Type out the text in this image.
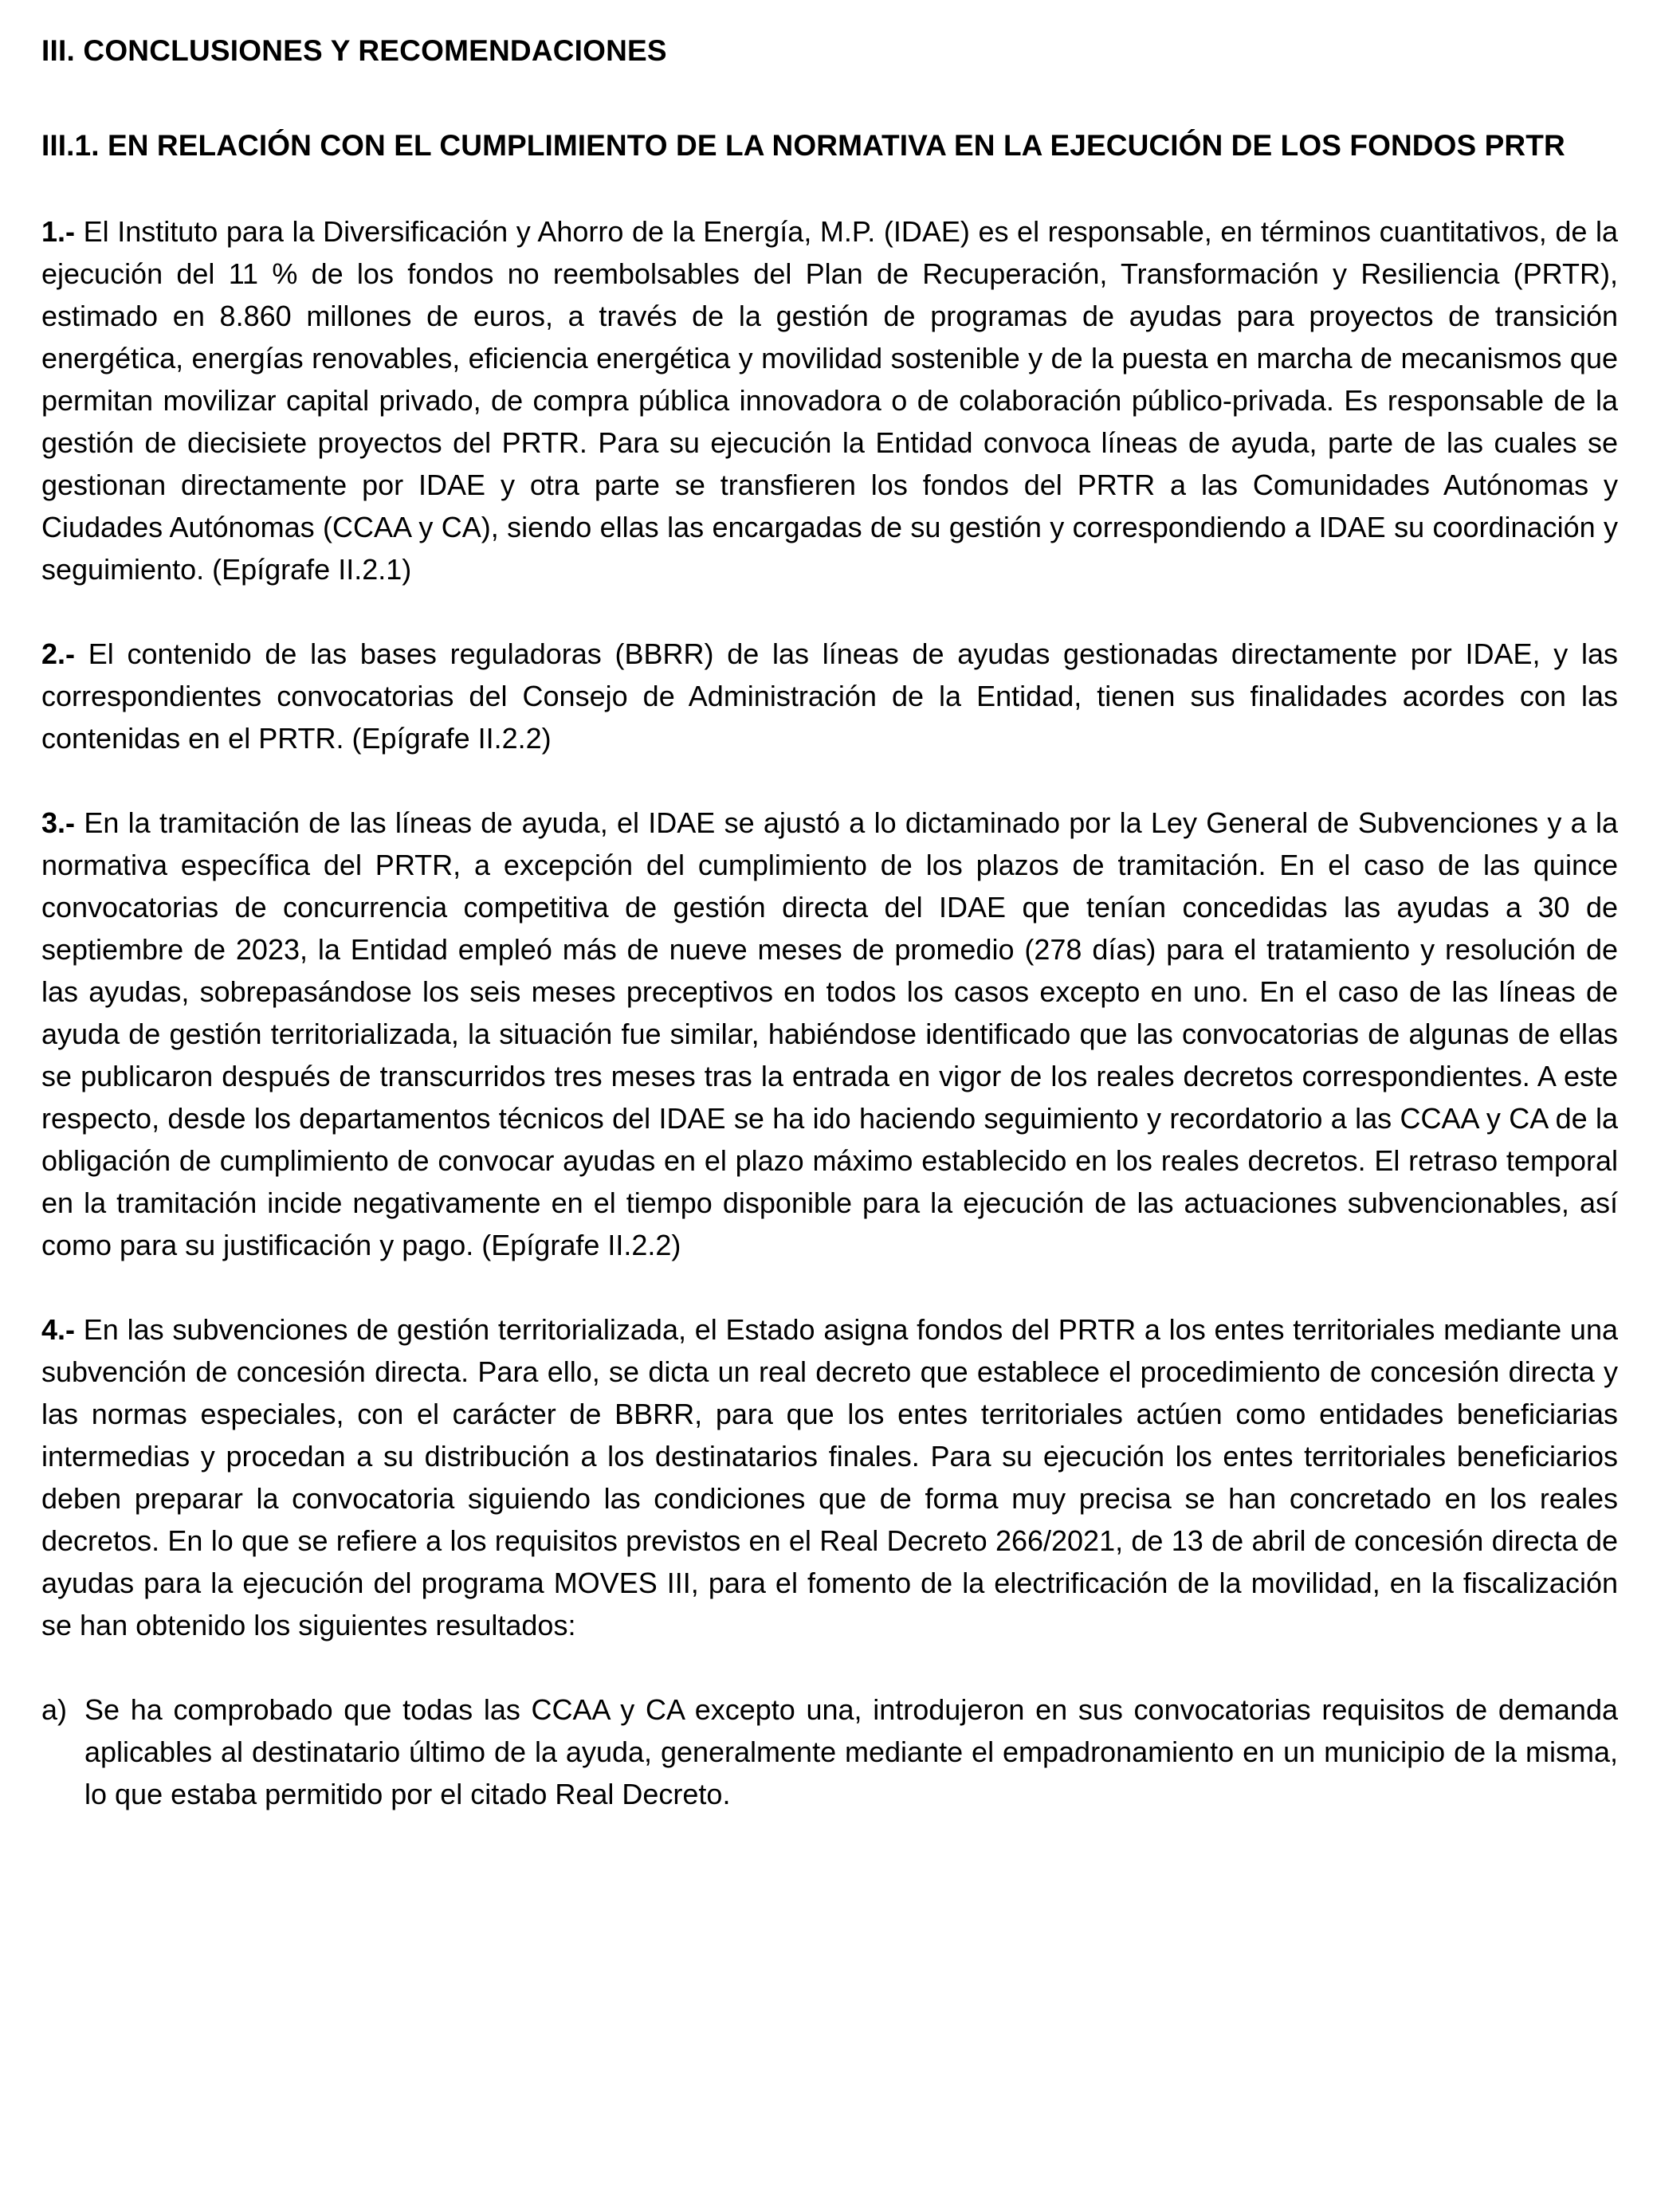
III. CONCLUSIONES Y RECOMENDACIONES
III.1. EN RELACIÓN CON EL CUMPLIMIENTO DE LA NORMATIVA EN LA EJECUCIÓN DE LOS FONDOS PRTR

1.- El Instituto para la Diversificación y Ahorro de la Energía, M.P. (IDAE) es el responsable, en términos cuantitativos, de la ejecución del 11 % de los fondos no reembolsables del Plan de Recuperación, Transformación y Resiliencia (PRTR), estimado en 8.860 millones de euros, a través de la gestión de programas de ayudas para proyectos de transición energética, energías renovables, eficiencia energética y movilidad sostenible y de la puesta en marcha de mecanismos que permitan movilizar capital privado, de compra pública innovadora o de colaboración público-privada. Es responsable de la gestión de diecisiete proyectos del PRTR. Para su ejecución la Entidad convoca líneas de ayuda, parte de las cuales se gestionan directamente por IDAE y otra parte se transfieren los fondos del PRTR a las Comunidades Autónomas y Ciudades Autónomas (CCAA y CA), siendo ellas las encargadas de su gestión y correspondiendo a IDAE su coordinación y seguimiento. (Epígrafe II.2.1)

2.- El contenido de las bases reguladoras (BBRR) de las líneas de ayudas gestionadas directamente por IDAE, y las correspondientes convocatorias del Consejo de Administración de la Entidad, tienen sus finalidades acordes con las contenidas en el PRTR. (Epígrafe II.2.2)

3.- En la tramitación de las líneas de ayuda, el IDAE se ajustó a lo dictaminado por la Ley General de Subvenciones y a la normativa específica del PRTR, a excepción del cumplimiento de los plazos de tramitación. En el caso de las quince convocatorias de concurrencia competitiva de gestión directa del IDAE que tenían concedidas las ayudas a 30 de septiembre de 2023, la Entidad empleó más de nueve meses de promedio (278 días) para el tratamiento y resolución de las ayudas, sobrepasándose los seis meses preceptivos en todos los casos excepto en uno. En el caso de las líneas de ayuda de gestión territorializada, la situación fue similar, habiéndose identificado que las convocatorias de algunas de ellas se publicaron después de transcurridos tres meses tras la entrada en vigor de los reales decretos correspondientes. A este respecto, desde los departamentos técnicos del IDAE se ha ido haciendo seguimiento y recordatorio a las CCAA y CA de la obligación de cumplimiento de convocar ayudas en el plazo máximo establecido en los reales decretos. El retraso temporal en la tramitación incide negativamente en el tiempo disponible para la ejecución de las actuaciones subvencionables, así como para su justificación y pago. (Epígrafe II.2.2)

4.- En las subvenciones de gestión territorializada, el Estado asigna fondos del PRTR a los entes territoriales mediante una subvención de concesión directa. Para ello, se dicta un real decreto que establece el procedimiento de concesión directa y las normas especiales, con el carácter de BBRR, para que los entes territoriales actúen como entidades beneficiarias intermedias y procedan a su distribución a los destinatarios finales. Para su ejecución los entes territoriales beneficiarios deben preparar la convocatoria siguiendo las condiciones que de forma muy precisa se han concretado en los reales decretos. En lo que se refiere a los requisitos previstos en el Real Decreto 266/2021, de 13 de abril de concesión directa de ayudas para la ejecución del programa MOVES III, para el fomento de la electrificación de la movilidad, en la fiscalización se han obtenido los siguientes resultados:

a) Se ha comprobado que todas las CCAA y CA excepto una, introdujeron en sus convocatorias requisitos de demanda aplicables al destinatario último de la ayuda, generalmente mediante el empadronamiento en un municipio de la misma, lo que estaba permitido por el citado Real Decreto.
